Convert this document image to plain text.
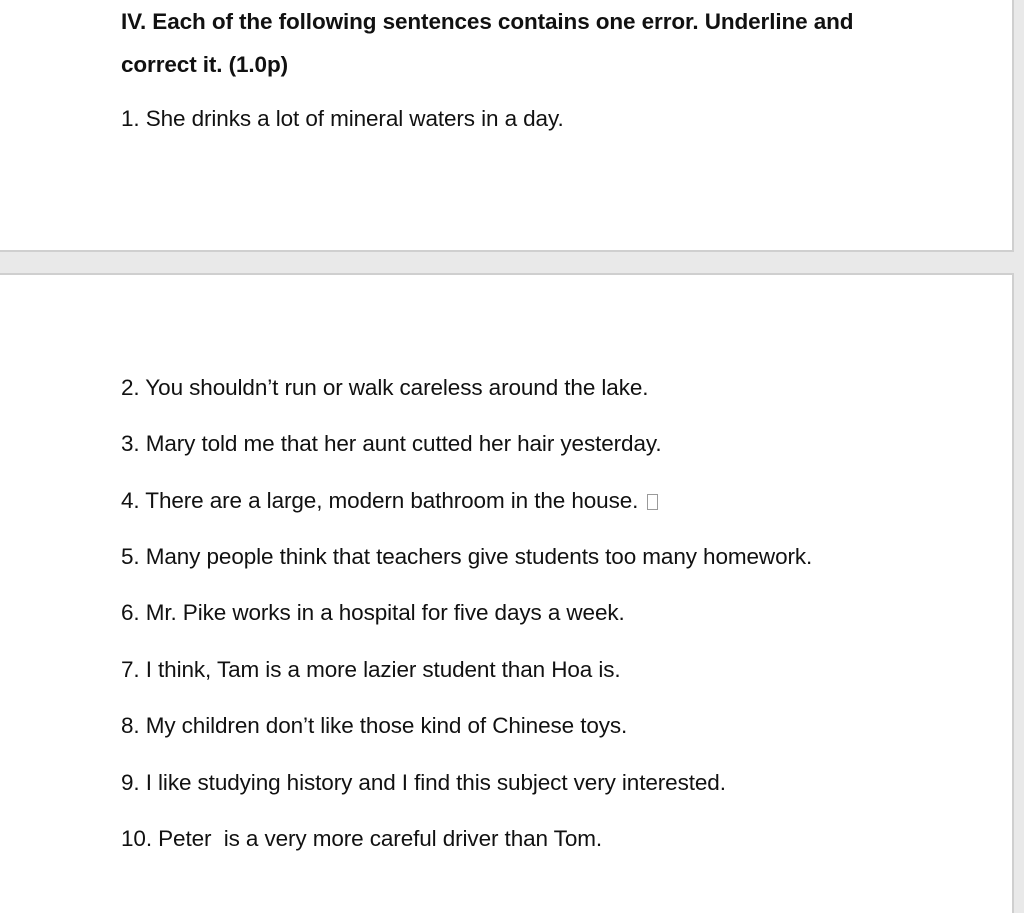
IV. Each of the following sentences contains one error. Underline and correct it. (1.0p)
1. She drinks a lot of mineral waters in a day.
2. You shouldn’t run or walk careless around the lake.
3. Mary told me that her aunt cutted her hair yesterday.
4. There are a large, modern bathroom in the house.
5. Many people think that teachers give students too many homework.
6. Mr. Pike works in a hospital for five days a week.
7. I think, Tam is a more lazier student than Hoa is.
8. My children don’t like those kind of Chinese toys.
9. I like studying history and I find this subject very interested.
10. Peter  is a very more careful driver than Tom.
